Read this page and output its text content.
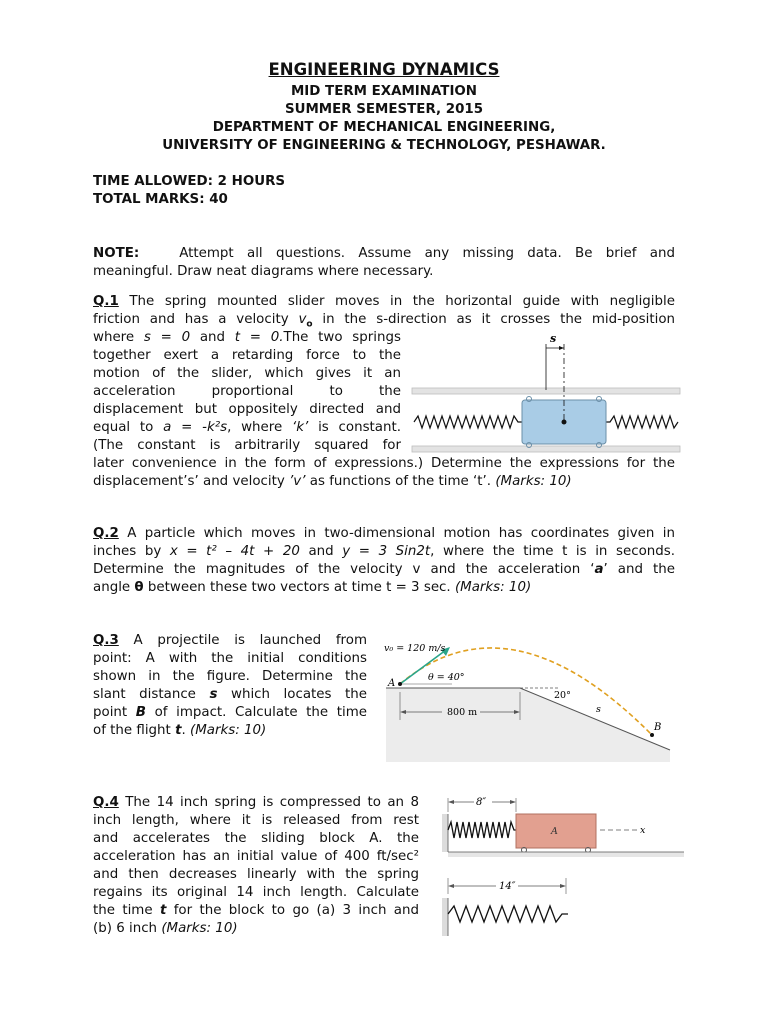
ENGINEERING DYNAMICS
MID TERM EXAMINATION
SUMMER SEMESTER, 2015
DEPARTMENT OF MECHANICAL ENGINEERING,
UNIVERSITY OF ENGINEERING & TECHNOLOGY, PESHAWAR.
TIME ALLOWED: 2 HOURS
TOTAL MARKS: 40
NOTE:	Attempt all questions. Assume any missing data. Be brief and
meaningful. Draw neat diagrams where necessary.
Q.1 The spring mounted slider moves in the horizontal guide with negligible
friction and has a velocity $v_o$ in the s-direction as it crosses the mid-position
where s = 0 and t = 0.The two springs
together exert a retarding force to the
motion of the slider, which gives it an
acceleration proportional to the
displacement but oppositely directed and
equal to a = -k²s, where ‘k’ is constant.
(The constant is arbitrarily squared for
later convenience in the form of expressions.) Determine the expressions for the
displacement’s’ and velocity ’v’ as functions of the time ‘t’. (Marks: 10)
s
Q.2 A particle which moves in two-dimensional motion has coordinates given in
inches by x = t² – 4t + 20 and y = 3 Sin2t, where the time t is in seconds.
Determine the magnitudes of the velocity v and the acceleration ‘a’ and the
angle θ between these two vectors at time t = 3 sec. (Marks: 10)
Q.3 A projectile is launched from
point: A with the initial conditions
shown in the figure. Determine the
slant distance s which locates the
point B of impact. Calculate the time
of the flight t. (Marks: 10)
v₀ = 120 m/s
θ = 40°
A
B
800 m
20°
s
Q.4 The 14 inch spring is compressed to an 8
inch length, where it is released from rest
and accelerates the sliding block A. the
acceleration has an initial value of 400 ft/sec²
and then decreases linearly with the spring
regains its original 14 inch length. Calculate
the time t for the block to go (a) 3 inch and
(b) 6 inch (Marks: 10)
8″
A	x
14″
